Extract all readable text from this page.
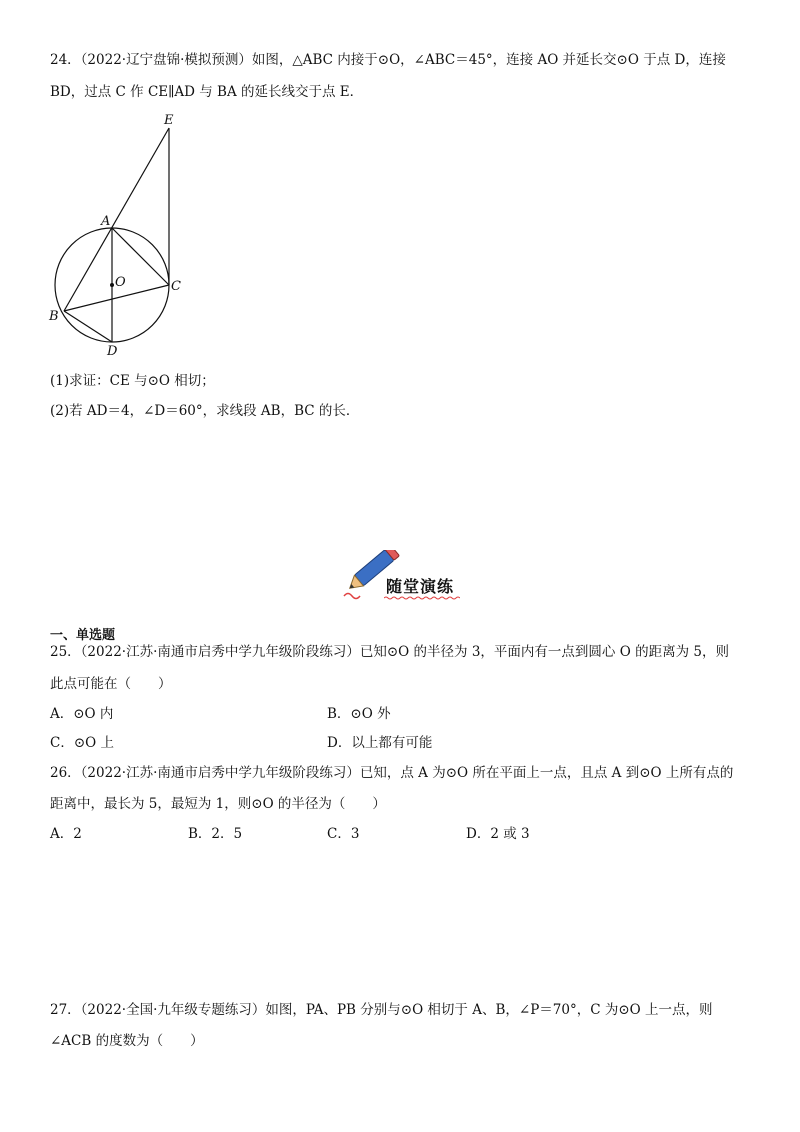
24．（2022·辽宁盘锦·模拟预测）如图，△ABC 内接于⊙O，∠ABC＝45°，连接 AO 并延长交⊙O 于点 D，连接
BD，过点 C 作 CE∥AD 与 BA 的延长线交于点 E．
E
A
O	C
B
D
(1)求证：CE 与⊙O 相切；
(2)若 AD＝4，∠D＝60°，求线段 AB，BC 的长．
随堂演练
一、单选题
25．（2022·江苏·南通市启秀中学九年级阶段练习）已知⊙O 的半径为 3，平面内有一点到圆心 O 的距离为 5，则
此点可能在（　　）
A．⊙O 内	B．⊙O 外
C．⊙O 上	D．以上都有可能
26．（2022·江苏·南通市启秀中学九年级阶段练习）已知，点 A 为⊙O 所在平面上一点，且点 A 到⊙O 上所有点的
距离中，最长为 5，最短为 1，则⊙O 的半径为（　　）
A．2	B．2．5	C．3	D．2 或 3
27．（2022·全国·九年级专题练习）如图，PA、PB 分别与⊙O 相切于 A、B，∠P＝70°，C 为⊙O 上一点，则
∠ACB 的度数为（　　）
